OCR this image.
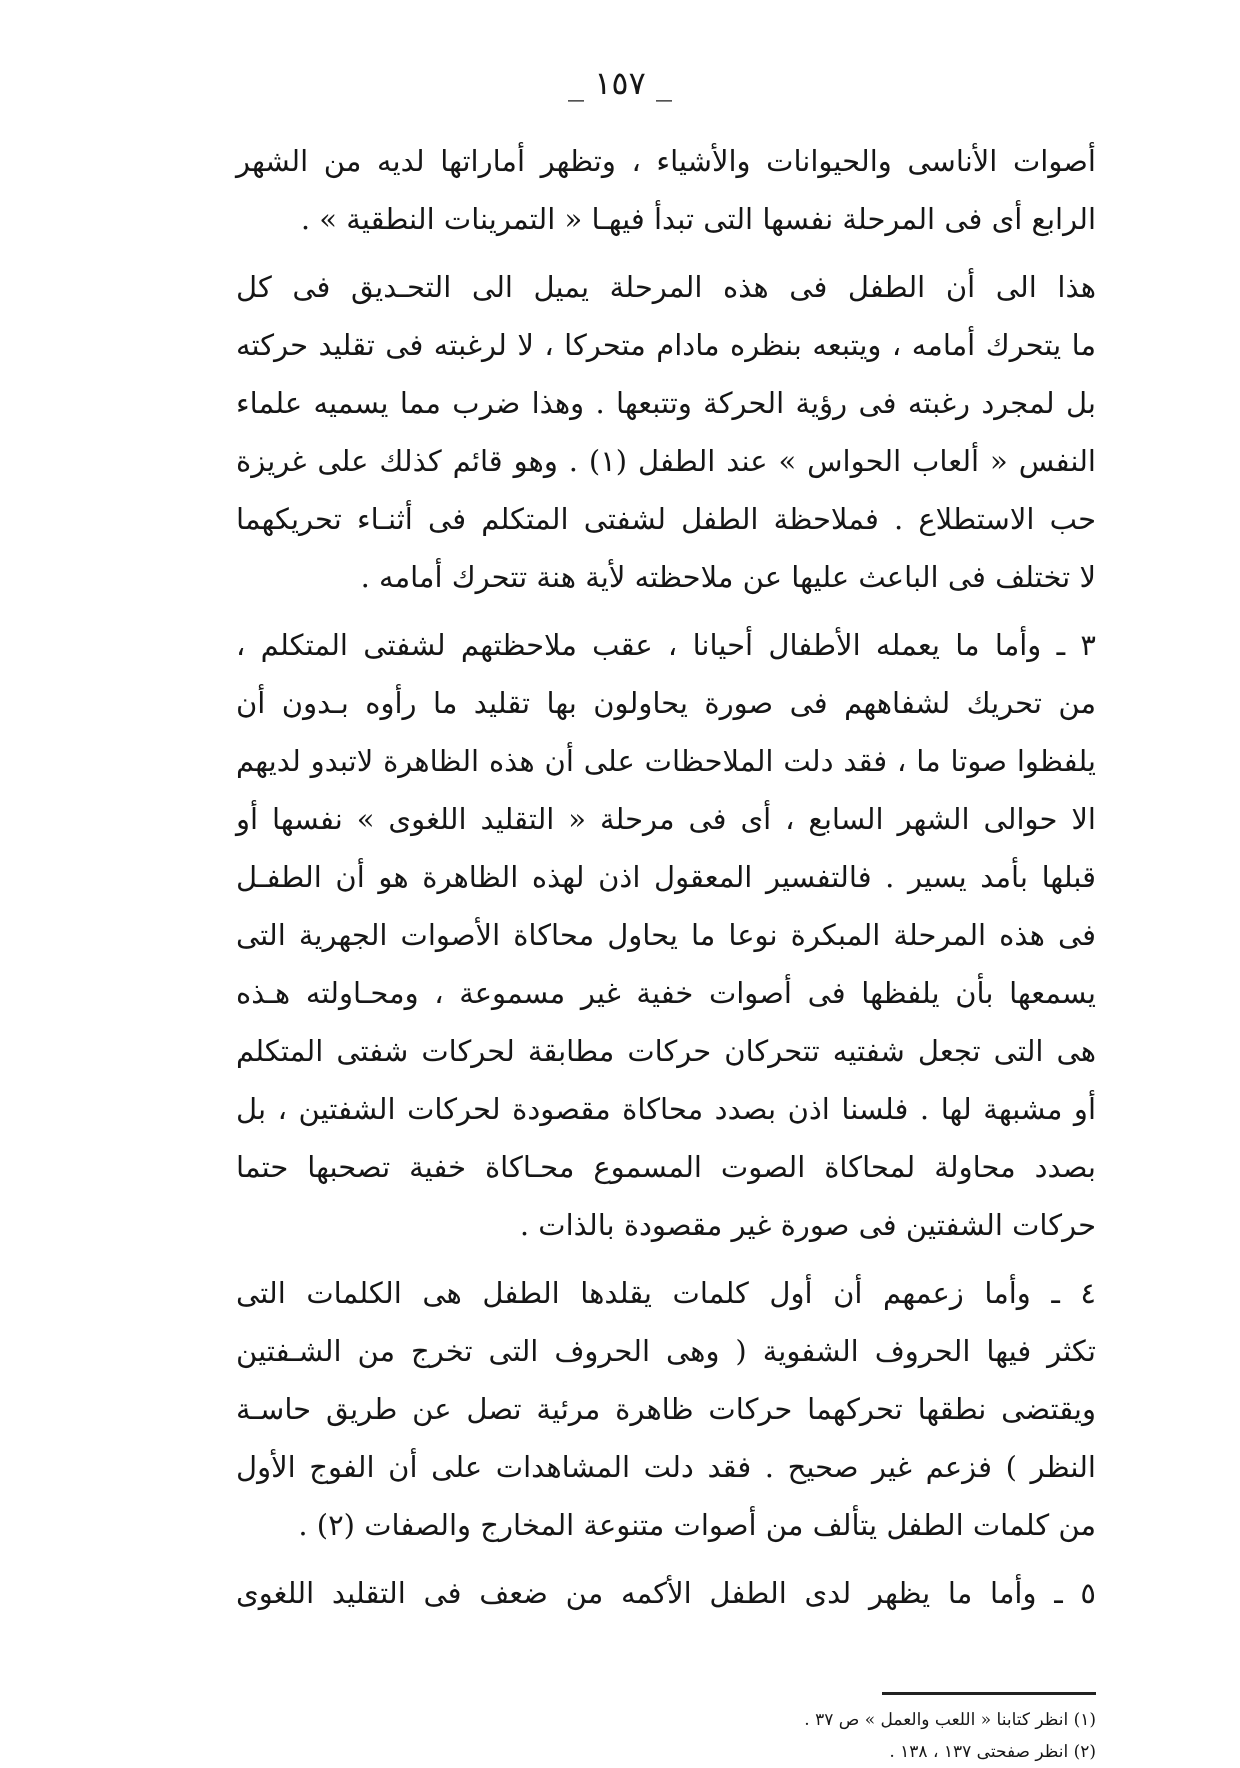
_ ١٥٧ _
أصوات الأناسى والحيوانات والأشياء ، وتظهر أماراتها لديه من الشهر
الرابع أى فى المرحلة نفسها التى تبدأ فيهـا « التمرينات النطقية » .
هذا الى أن الطفل فى هذه المرحلة يميل الى التحـديق فى كل
ما يتحرك أمامه ، ويتبعه بنظره مادام متحركا ، لا لرغبته فى تقليد حركته
بل لمجرد رغبته فى رؤية الحركة وتتبعها . وهذا ضرب مما يسميه علماء
النفس « ألعاب الحواس » عند الطفل (١) . وهو قائم كذلك على غريزة
حب الاستطلاع . فملاحظة الطفل لشفتى المتكلم فى أثنـاء تحريكهما
لا تختلف فى الباعث عليها عن ملاحظته لأية هنة تتحرك أمامه .
٣ ـ وأما ما يعمله الأطفال أحيانا ، عقب ملاحظتهم لشفتى المتكلم ،
من تحريك لشفاههم فى صورة يحاولون بها تقليد ما رأوه بـدون أن
يلفظوا صوتا ما ، فقد دلت الملاحظات على أن هذه الظاهرة لاتبدو لديهم
الا حوالى الشهر السابع ، أى فى مرحلة « التقليد اللغوى » نفسها أو
قبلها بأمد يسير . فالتفسير المعقول اذن لهذه الظاهرة هو أن الطفـل
فى هذه المرحلة المبكرة نوعا ما يحاول محاكاة الأصوات الجهرية التى
يسمعها بأن يلفظها فى أصوات خفية غير مسموعة ، ومحـاولته هـذه
هى التى تجعل شفتيه تتحركان حركات مطابقة لحركات شفتى المتكلم
أو مشبهة لها . فلسنا اذن بصدد محاكاة مقصودة لحركات الشفتين ، بل
بصدد محاولة لمحاكاة الصوت المسموع محـاكاة خفية تصحبها حتما
حركات الشفتين فى صورة غير مقصودة بالذات .
٤ ـ وأما زعمهم أن أول كلمات يقلدها الطفل هى الكلمات التى
تكثر فيها الحروف الشفوية ( وهى الحروف التى تخرج من الشـفتين
ويقتضى نطقها تحركهما حركات ظاهرة مرئية تصل عن طريق حاسـة
النظر ) فزعم غير صحيح . فقد دلت المشاهدات على أن الفوج الأول
من كلمات الطفل يتألف من أصوات متنوعة المخارج والصفات (٢) .
٥ ـ وأما ما يظهر لدى الطفل الأكمه من ضعف فى التقليد اللغوى
(١) انظر كتابنا « اللعب والعمل » ص ٣٧ .
(٢) انظر صفحتى ١٣٧ ، ١٣٨ .
